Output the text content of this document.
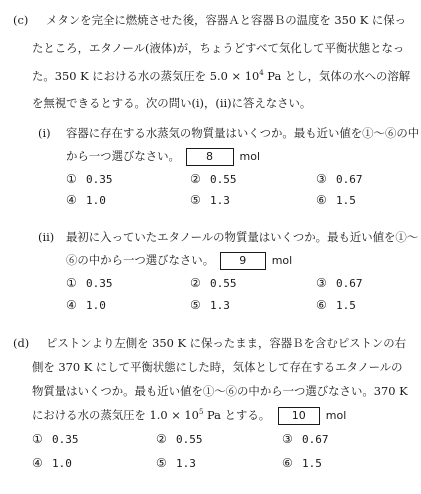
(c) メタンを完全に燃焼させた後，容器Ａと容器Ｂの温度を 350 K に保っ
たところ，エタノール(液体)が，ちょうどすべて気化して平衡状態となっ
た。350 K における水の蒸気圧を $5.0 \times 10^4$ Pa とし，気体の水への溶解
を無視できるとする。次の問い(ⅰ)，(ⅱ)に答えなさい。
(ⅰ) 容器に存在する水蒸気の物質量はいくつか。最も近い値を①～⑥の中
から一つ選びなさい。 8 mol
① 0.35	② 0.55	③ 0.67
④ 1.0	⑤ 1.3	⑥ 1.5
(ⅱ) 最初に入っていたエタノールの物質量はいくつか。最も近い値を①～
⑥の中から一つ選びなさい。 9 mol
① 0.35	② 0.55	③ 0.67
④ 1.0	⑤ 1.3	⑥ 1.5
(d) ピストンより左側を 350 K に保ったまま，容器Ｂを含むピストンの右
側を 370 K にして平衡状態にした時，気体として存在するエタノールの
物質量はいくつか。最も近い値を①～⑥の中から一つ選びなさい。370 K
における水の蒸気圧を $1.0 \times 10^5$ Pa とする。 10 mol
① 0.35	② 0.55	③ 0.67
④ 1.0	⑤ 1.3	⑥ 1.5
